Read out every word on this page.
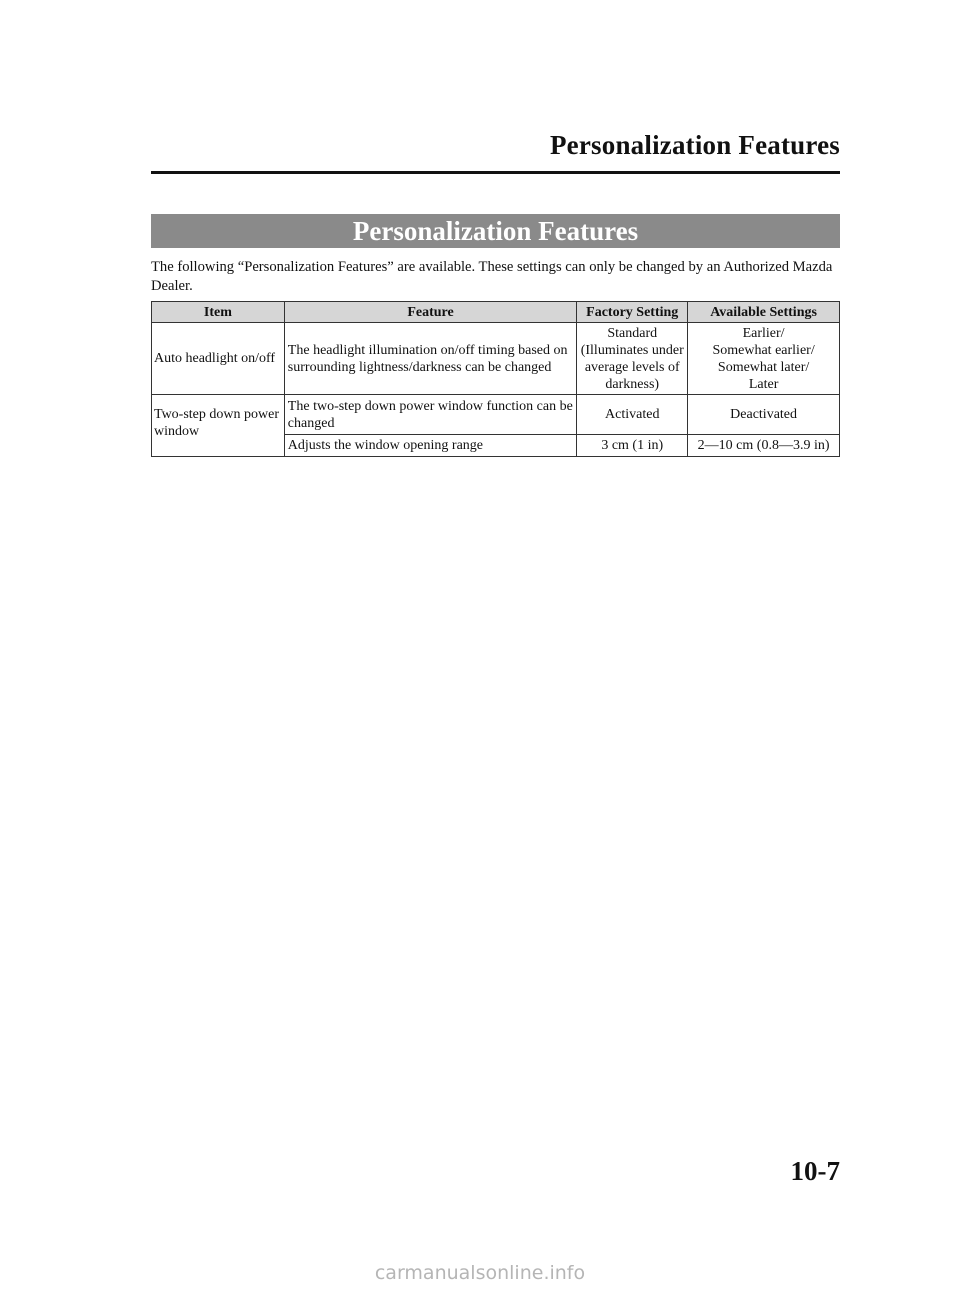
Personalization Features
Personalization Features
The following “Personalization Features” are available. These settings can only be changed by an Authorized Mazda Dealer.
Item	Feature	Factory Setting	Available Settings
Auto headlight on/off	The headlight illumination on/off timing based on surrounding lightness/darkness can be changed	Standard
(Illuminates under
average levels of
darkness)	Earlier/
Somewhat earlier/
Somewhat later/
Later

Two-step down power window	The two-step down power window function can be changed	Activated	Deactivated
	Adjusts the window opening range	3 cm (1 in)	2―10 cm (0.8―3.9 in)
10-7
carmanualsonline.info
